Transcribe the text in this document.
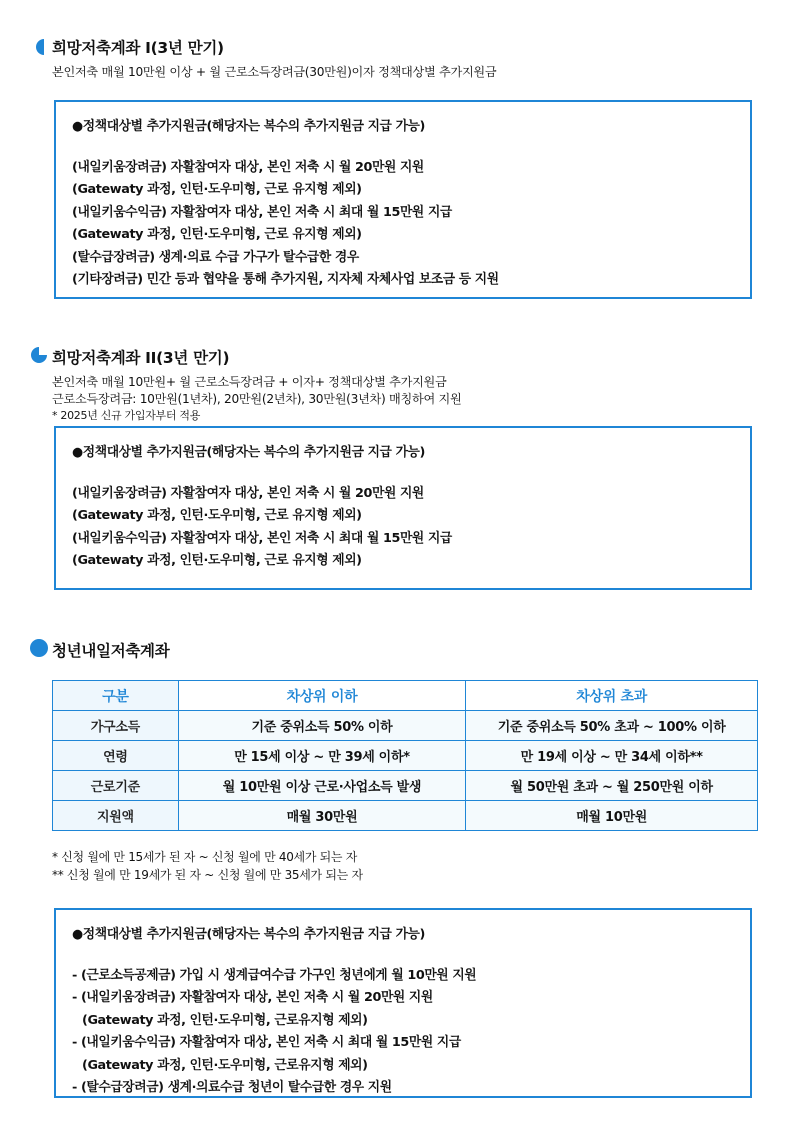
희망저축계좌 Ⅰ(3년 만기)
본인저축 매월 10만원 이상 + 월 근로소득장려금(30만원)이자 정책대상별 추가지원금
●정책대상별 추가지원금(해당자는 복수의 추가지원금 지급 가능)
(내일키움장려금) 자활참여자 대상, 본인 저축 시 월 20만원 지원
(Gatewaty 과정, 인턴·도우미형, 근로 유지형 제외)
(내일키움수익금) 자활참여자 대상, 본인 저축 시 최대 월 15만원 지급
(Gatewaty 과정, 인턴·도우미형, 근로 유지형 제외)
(탈수급장려금) 생계·의료 수급 가구가 탈수급한 경우
(기타장려금) 민간 등과 협약을 통해 추가지원, 지자체 자체사업 보조금 등 지원
희망저축계좌 II(3년 만기)
본인저축 매월 10만원+ 월 근로소득장려금 + 이자+ 정책대상별 추가지원금
근로소득장려금: 10만원(1년차), 20만원(2년차), 30만원(3년차) 매칭하여 지원
* 2025년 신규 가입자부터 적용
●정책대상별 추가지원금(해당자는 복수의 추가지원금 지급 가능)
(내일키움장려금) 자활참여자 대상, 본인 저축 시 월 20만원 지원
(Gatewaty 과정, 인턴·도우미형, 근로 유지형 제외)
(내일키움수익금) 자활참여자 대상, 본인 저축 시 최대 월 15만원 지급
(Gatewaty 과정, 인턴·도우미형, 근로 유지형 제외)
청년내일저축계좌
구분	차상위 이하	차상위 초과
가구소득	기준 중위소득 50% 이하	기준 중위소득 50% 초과 ~ 100% 이하
연령	만 15세 이상 ~ 만 39세 이하*	만 19세 이상 ~ 만 34세 이하**
근로기준	월 10만원 이상 근로·사업소득 발생	월 50만원 초과 ~ 월 250만원 이하
지원액	매월 30만원	매월 10만원
* 신청 월에 만 15세가 된 자 ~ 신청 월에 만 40세가 되는 자
** 신청 월에 만 19세가 된 자 ~ 신청 월에 만 35세가 되는 자
●정책대상별 추가지원금(해당자는 복수의 추가지원금 지급 가능)
- (근로소득공제금) 가입 시 생계급여수급 가구인 청년에게 월 10만원 지원
- (내일키움장려금) 자활참여자 대상, 본인 저축 시 월 20만원 지원
(Gatewaty 과정, 인턴·도우미형, 근로유지형 제외)
- (내일키움수익금) 자활참여자 대상, 본인 저축 시 최대 월 15만원 지급
(Gatewaty 과정, 인턴·도우미형, 근로유지형 제외)
- (탈수급장려금) 생계·의료수급 청년이 탈수급한 경우 지원
